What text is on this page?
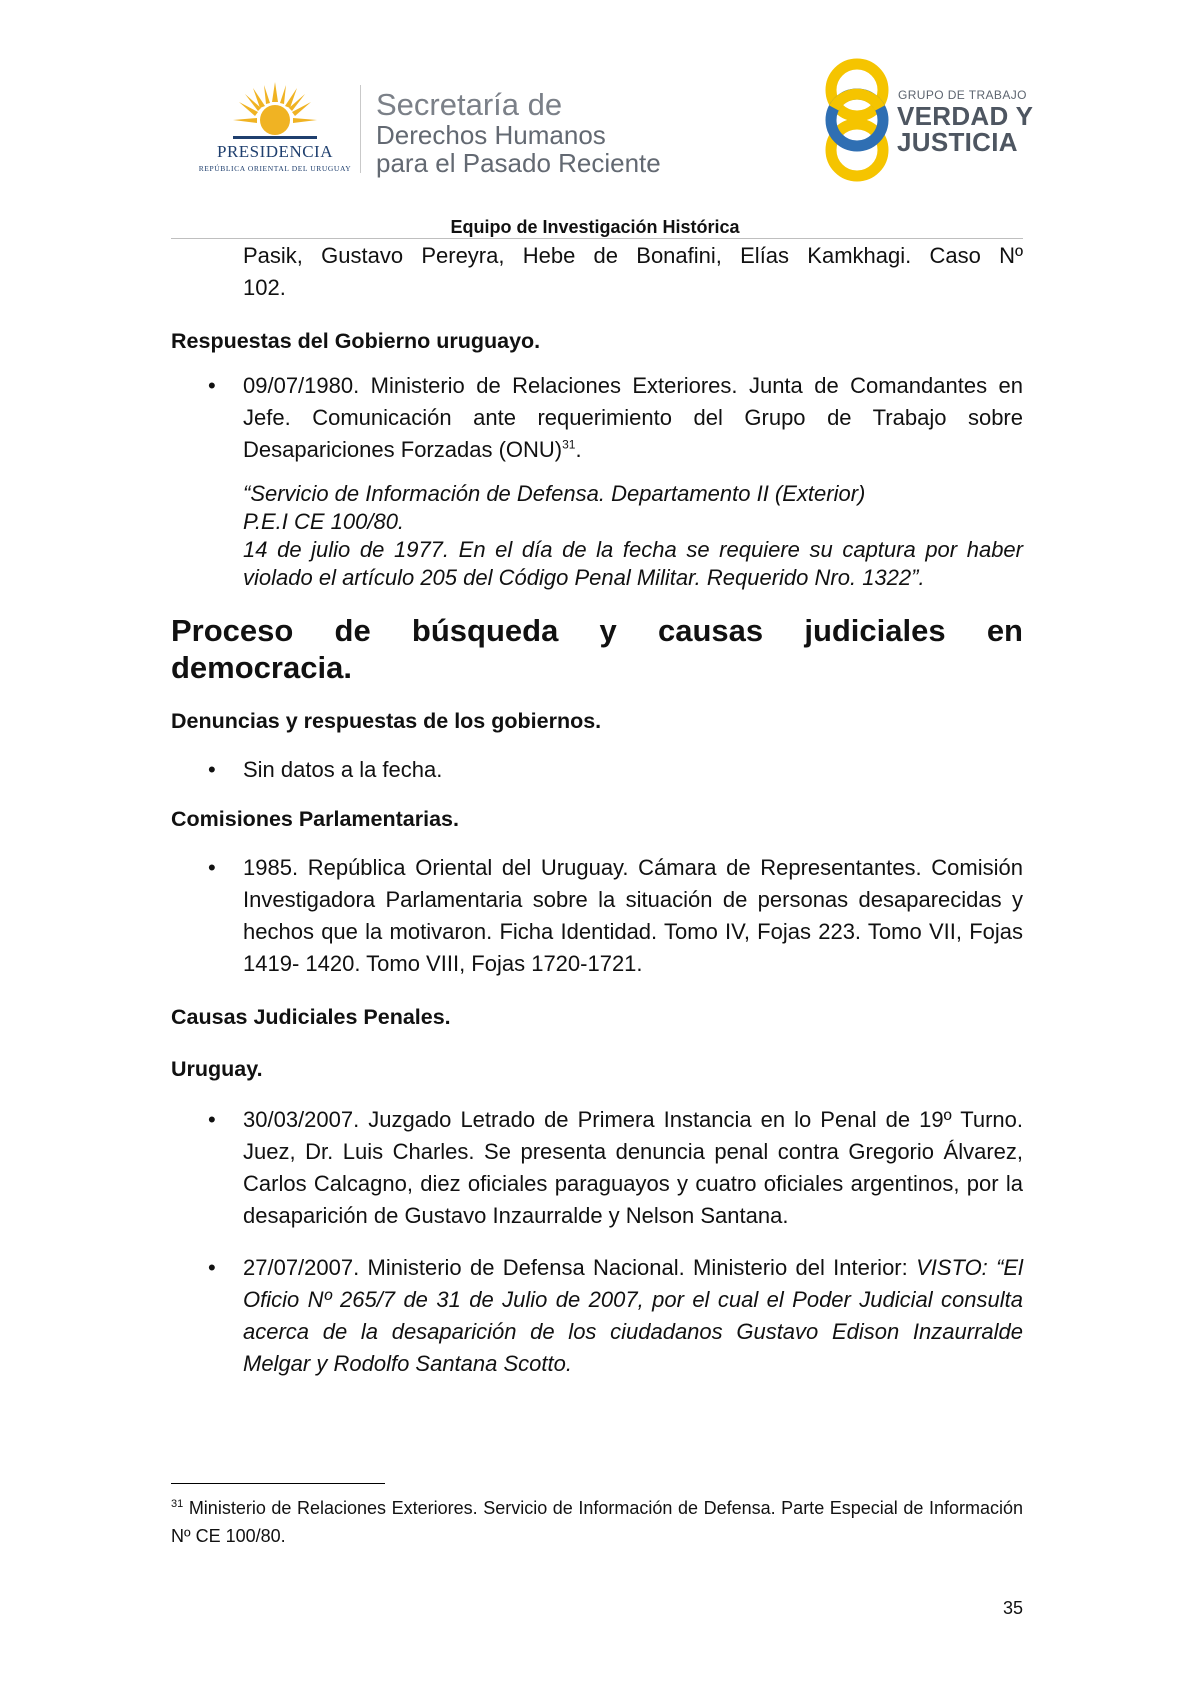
PRESIDENCIA
REPÚBLICA ORIENTAL DEL URUGUAY
Secretaría de
Derechos Humanos
para el Pasado Reciente
GRUPO DE TRABAJO
VERDAD Y
JUSTICIA
Equipo de Investigación Histórica
Pasik, Gustavo Pereyra, Hebe de Bonafini, Elías Kamkhagi. Caso Nº
102.
Respuestas del Gobierno uruguayo.
• 09/07/1980. Ministerio de Relaciones Exteriores. Junta de Comandantes en Jefe. Comunicación ante requerimiento del Grupo de Trabajo sobre Desapariciones Forzadas (ONU)$^{31}$.
“Servicio de Información de Defensa. Departamento II (Exterior)
P.E.I CE 100/80.
14 de julio de 1977. En el día de la fecha se requiere su captura por haber violado el artículo 205 del Código Penal Militar. Requerido Nro. 1322”.
Proceso de búsqueda y causas judiciales en
democracia.
Denuncias y respuestas de los gobiernos.
• Sin datos a la fecha.
Comisiones Parlamentarias.
• 1985. República Oriental del Uruguay. Cámara de Representantes. Comisión Investigadora Parlamentaria sobre la situación de personas desaparecidas y hechos que la motivaron. Ficha Identidad. Tomo IV, Fojas 223. Tomo VII, Fojas 1419- 1420. Tomo VIII, Fojas 1720-1721.
Causas Judiciales Penales.
Uruguay.
• 30/03/2007. Juzgado Letrado de Primera Instancia en lo Penal de 19º Turno. Juez, Dr. Luis Charles. Se presenta denuncia penal contra Gregorio Álvarez, Carlos Calcagno, diez oficiales paraguayos y cuatro oficiales argentinos, por la desaparición de Gustavo Inzaurralde y Nelson Santana.
• 27/07/2007. Ministerio de Defensa Nacional. Ministerio del Interior: VISTO: “El Oficio Nº 265/7 de 31 de Julio de 2007, por el cual el Poder Judicial consulta acerca de la desaparición de los ciudadanos Gustavo Edison Inzaurralde Melgar y Rodolfo Santana Scotto.
$^{31}$ Ministerio de Relaciones Exteriores. Servicio de Información de Defensa. Parte Especial de Información Nº CE 100/80.
35
